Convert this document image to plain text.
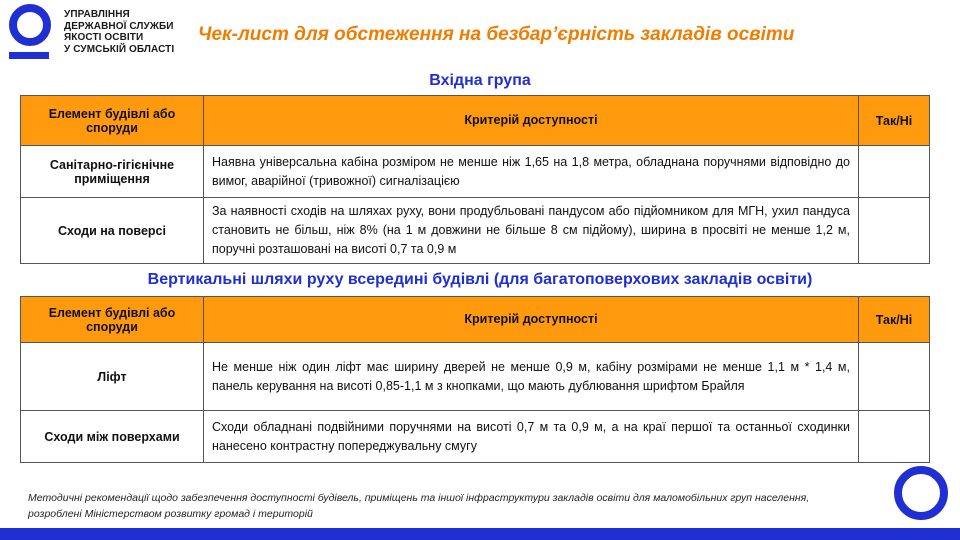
УПРАВЛІННЯ
ДЕРЖАВНОЇ СЛУЖБИ
ЯКОСТІ ОСВІТИ
У СУМСЬКІЙ ОБЛАСТІ
Чек-лист для обстеження на безбар’єрність закладів освіти
Вхідна група
Елемент будівлі або споруди	Критерій доступності	Так/Ні
Санітарно-гігієнічне приміщення	Наявна універсальна кабіна розміром не менше ніж 1,65 на 1,8 метра, обладнана поручнями відповідно до вимог, аварійної (тривожної) сигналізацією	
Сходи на поверсі	За наявності сходів на шляхах руху, вони продубльовані пандусом або підйомником для МГН, ухил пандуса становить не більш, ніж 8% (на 1 м довжини не більше 8 см підйому), ширина в просвіті не менше 1,2 м, поручні розташовані на висоті 0,7 та 0,9 м	
Вертикальні шляхи руху всередині будівлі (для багатоповерхових закладів освіти)
Елемент будівлі або споруди	Критерій доступності	Так/Ні
Ліфт	Не менше ніж один ліфт має ширину дверей не менше 0,9 м, кабіну розмірами не менше 1,1 м * 1,4 м, панель керування на висоті 0,85-1,1 м з кнопками, що мають дублювання шрифтом Брайля	
Сходи між поверхами	Сходи обладнані подвійними поручнями на висоті 0,7 м та 0,9 м, а на краї першої та останньої сходинки нанесено контрастну попереджувальну смугу	
Методичні рекомендації щодо забезпечення доступності будівель, приміщень та іншої інфраструктури закладів освіти для маломобільних груп населення, розроблені Міністерством розвитку громад і територій
